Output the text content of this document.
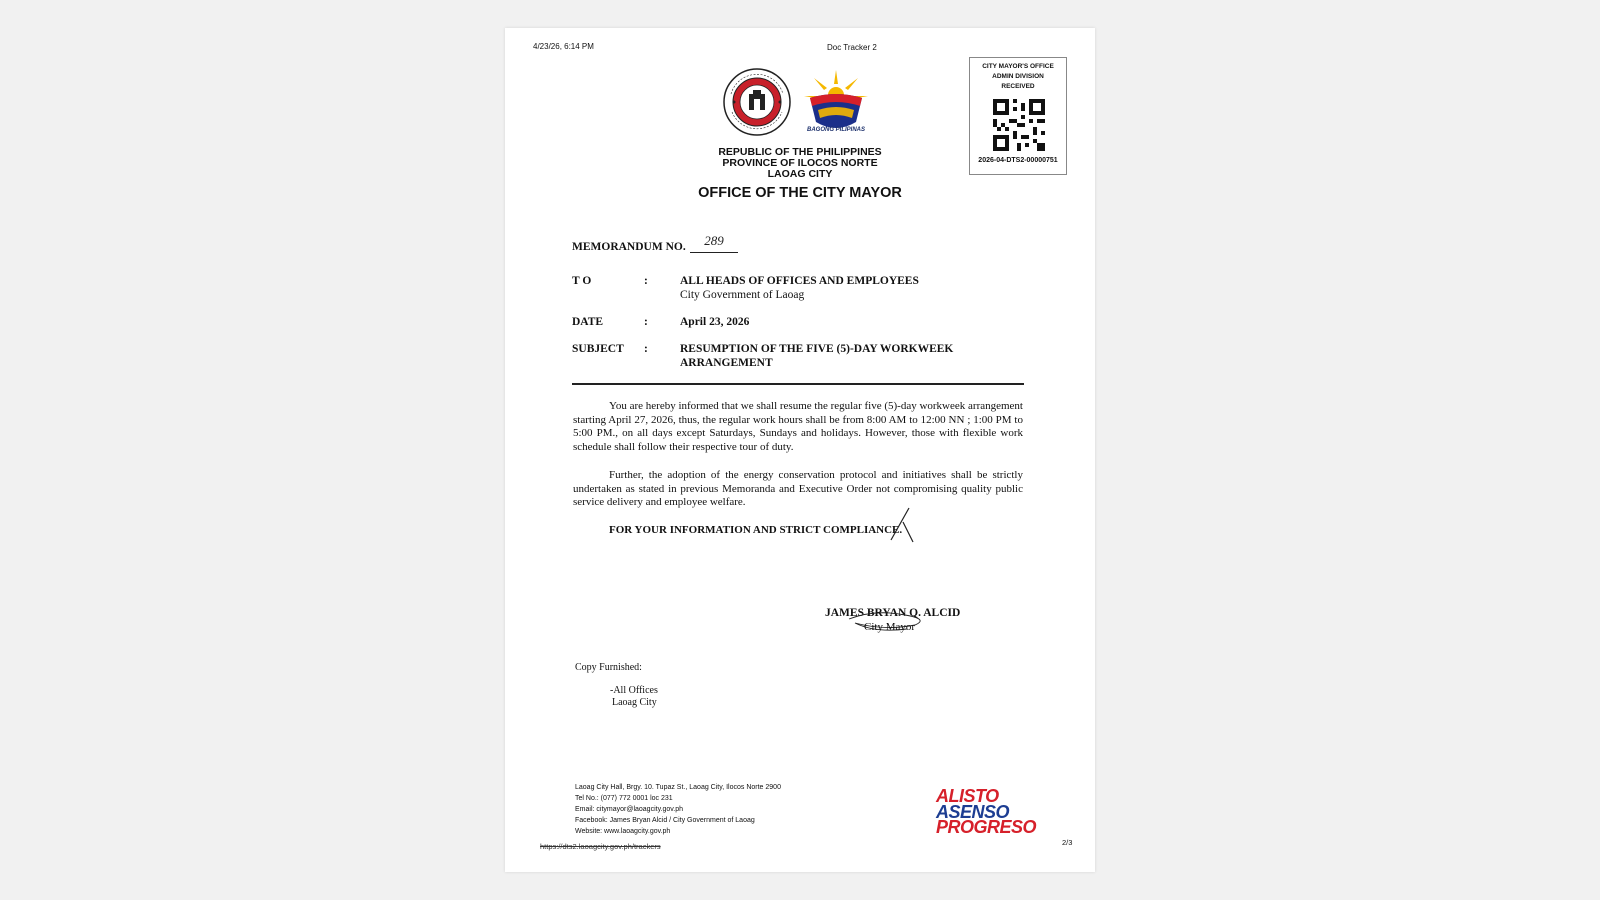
4/23/26, 6:14 PM	Doc Tracker 2
BAGONG PILIPINAS
REPUBLIC OF THE PHILIPPINES
PROVINCE OF ILOCOS NORTE
LAOAG CITY
OFFICE OF THE CITY MAYOR
CITY MAYOR'S OFFICE
ADMIN DIVISION
RECEIVED
2026-04-DTS2-00000751
MEMORANDUM NO.	289
T O	:	ALL HEADS OF OFFICES AND EMPLOYEES
City Government of Laoag
DATE	:	April 23, 2026
SUBJECT :	RESUMPTION OF THE FIVE (5)-DAY WORKWEEK
ARRANGEMENT
You are hereby informed that we shall resume the regular five (5)-day workweek arrangement starting April 27, 2026, thus, the regular work hours shall be from 8:00 AM to 12:00 NN ; 1:00 PM to 5:00 PM., on all days except Saturdays, Sundays and holidays. However, those with flexible work schedule shall follow their respective tour of duty.
Further, the adoption of the energy conservation protocol and initiatives shall be strictly undertaken as stated in previous Memoranda and Executive Order not compromising quality public service delivery and employee welfare.
FOR YOUR INFORMATION AND STRICT COMPLIANCE.
JAMES BRYAN Q. ALCID
City Mayor
Copy Furnished:
-All Offices
Laoag City
Laoag City Hall, Brgy. 10. Tupaz St., Laoag City, Ilocos Norte 2900
Tel No.: (077) 772 0001 loc 231
Email: citymayor@laoagcity.gov.ph
Facebook: James Bryan Alcid / City Government of Laoag
Website: www.laoagcity.gov.ph
ALISTO
ASENSO
PROGRESO
https://dts2.laoagcity.gov.ph/trackers	2/3
